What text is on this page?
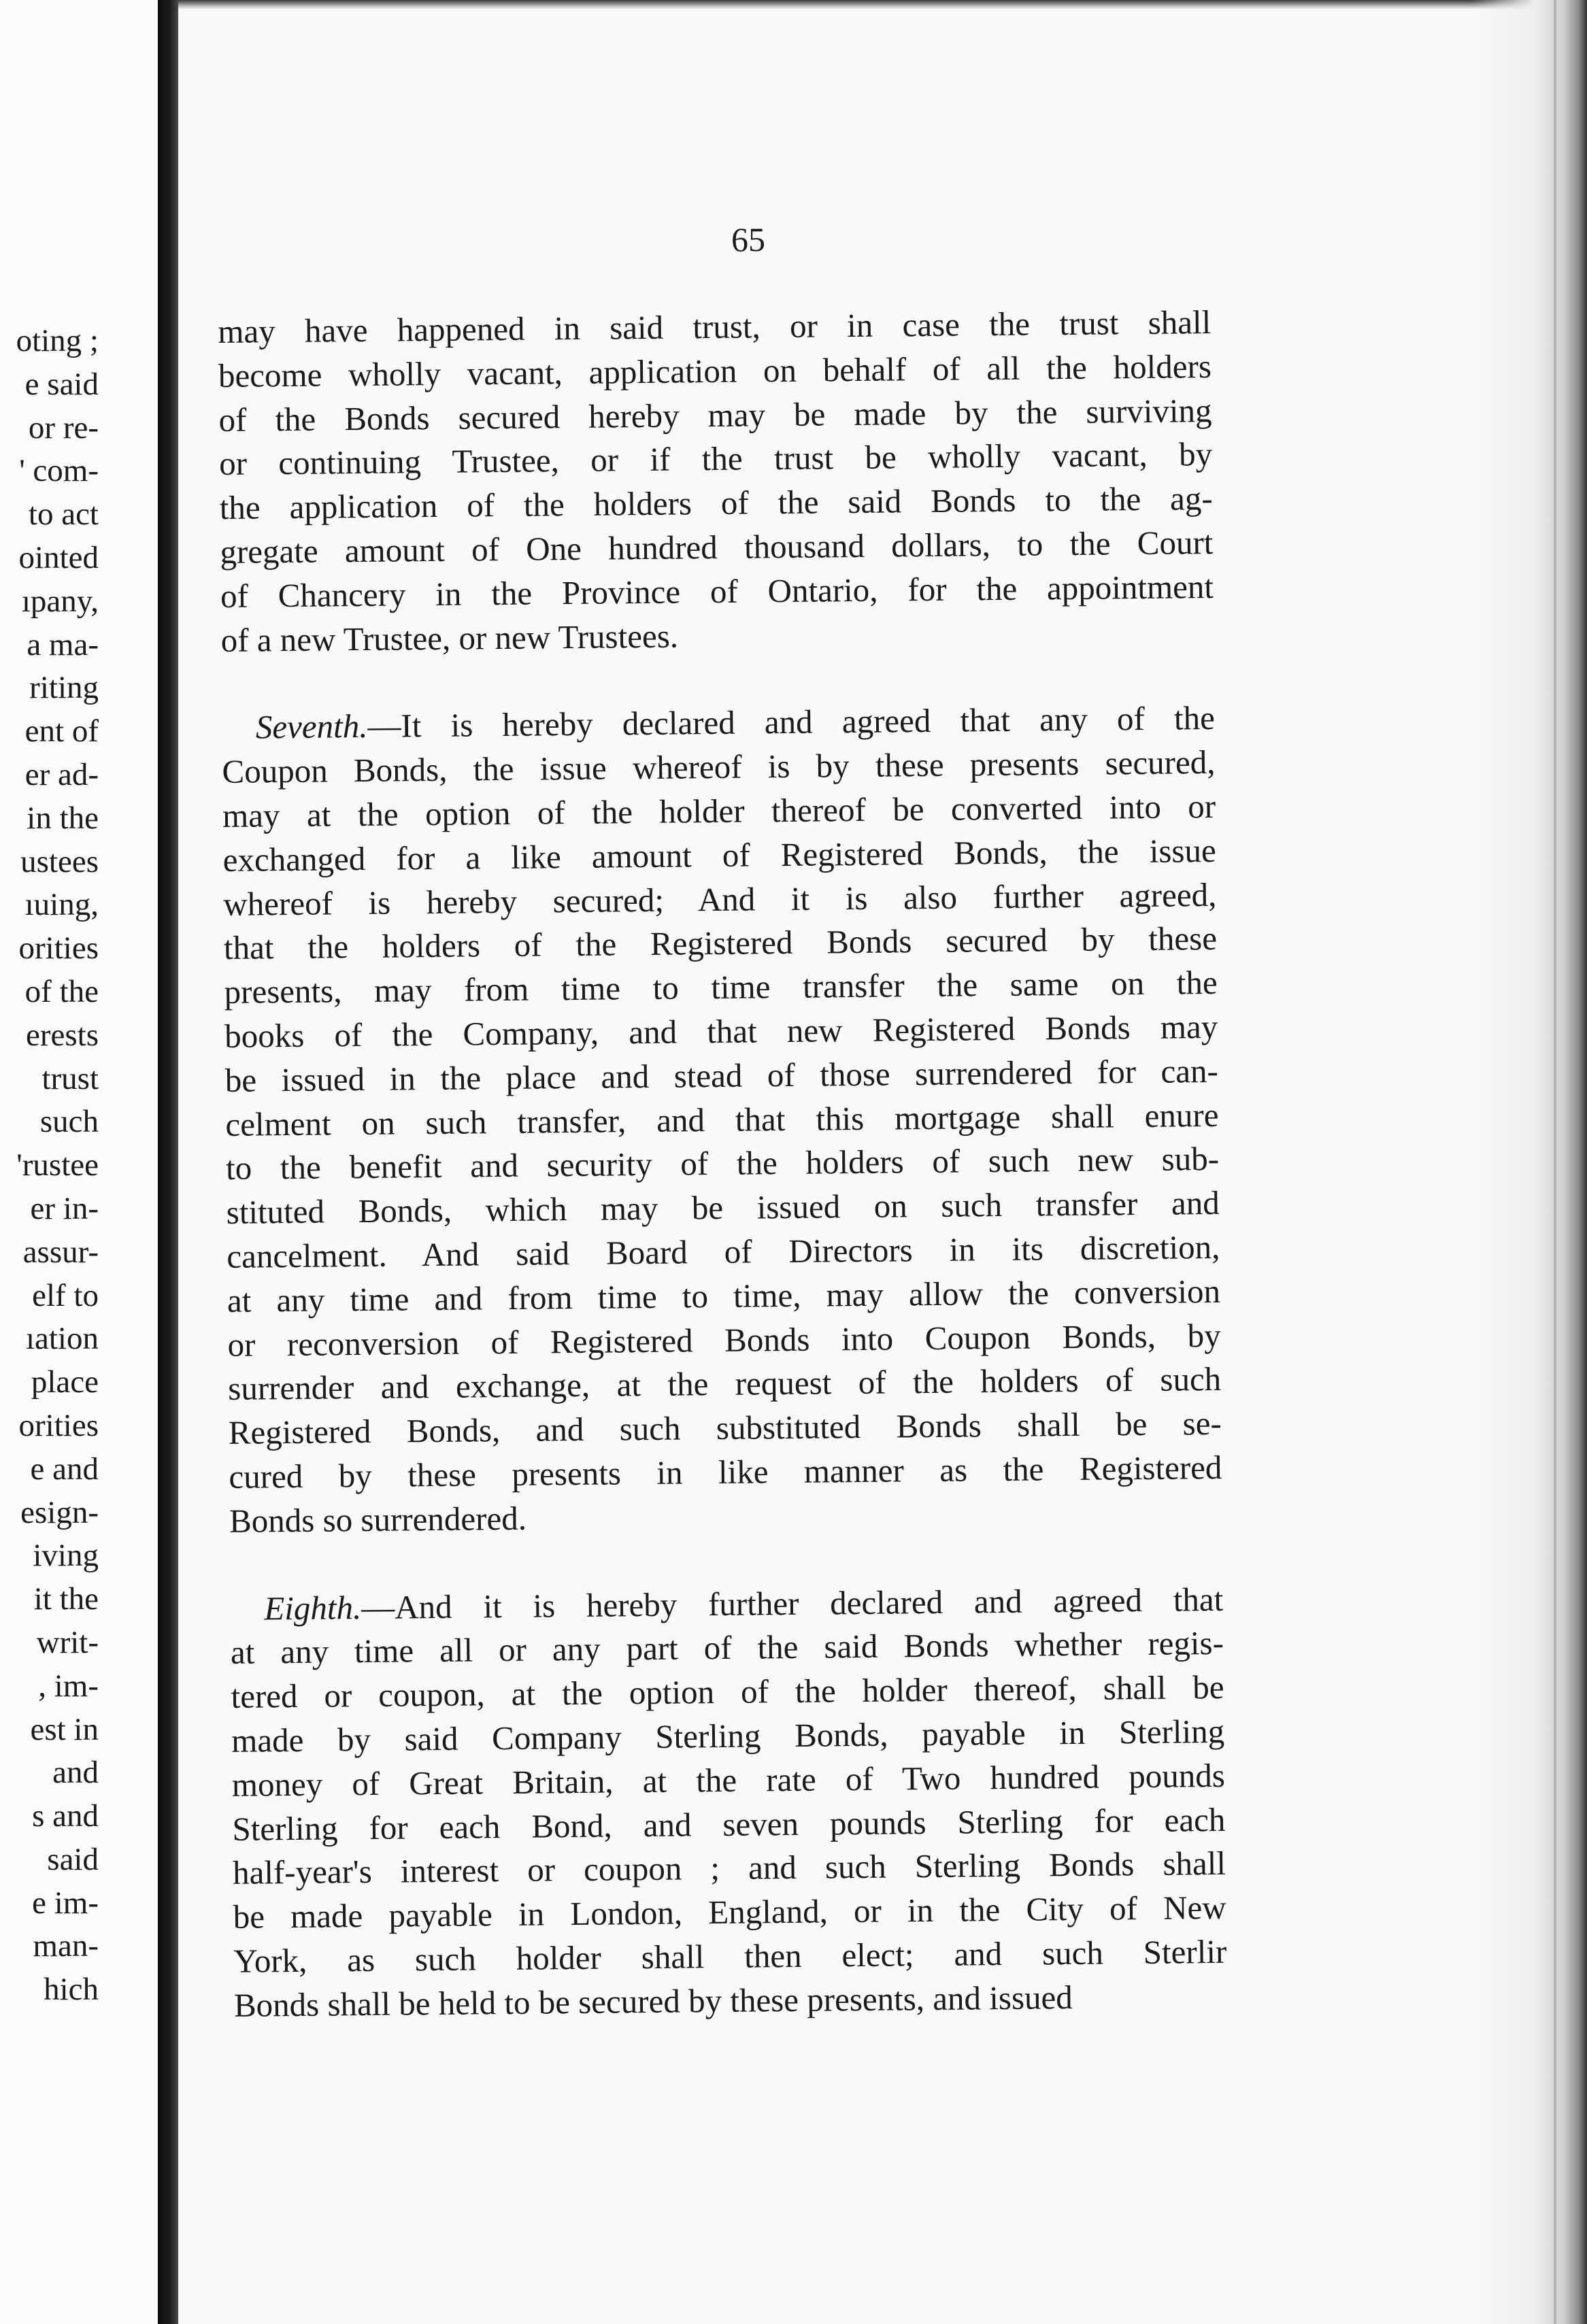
oting ;
e said
or re-
' com-
to act
ointed
ıpany,
a ma-
riting
ent of
er ad-
in the
ustees
ıuing,
orities
of the
erests
trust
such
'rustee
er in-
assur-
elf to
ıation
place
orities
e and
esign-
iving
it the
writ-
, im-
est in
and
s and
said
e im-
man-
hich
65
may have happened in said trust, or in case the trust shall
become wholly vacant, application on behalf of all the holders
of the Bonds secured hereby may be made by the surviving
or continuing Trustee, or if the trust be wholly vacant, by
the application of the holders of the said Bonds to the ag-
gregate amount of One hundred thousand dollars, to the Court
of Chancery in the Province of Ontario, for the appointment
of a new Trustee, or new Trustees.
Seventh.—It is hereby declared and agreed that any of the
Coupon Bonds, the issue whereof is by these presents secured,
may at the option of the holder thereof be converted into or
exchanged for a like amount of Registered Bonds, the issue
whereof is hereby secured; And it is also further agreed,
that the holders of the Registered Bonds secured by these
presents, may from time to time transfer the same on the
books of the Company, and that new Registered Bonds may
be issued in the place and stead of those surrendered for can-
celment on such transfer, and that this mortgage shall enure
to the benefit and security of the holders of such new sub-
stituted Bonds, which may be issued on such transfer and
cancelment. And said Board of Directors in its discretion,
at any time and from time to time, may allow the conversion
or reconversion of Registered Bonds into Coupon Bonds, by
surrender and exchange, at the request of the holders of such
Registered Bonds, and such substituted Bonds shall be se-
cured by these presents in like manner as the Registered
Bonds so surrendered.
Eighth.—And it is hereby further declared and agreed that
at any time all or any part of the said Bonds whether regis-
tered or coupon, at the option of the holder thereof, shall be
made by said Company Sterling Bonds, payable in Sterling
money of Great Britain, at the rate of Two hundred pounds
Sterling for each Bond, and seven pounds Sterling for each
half-year's interest or coupon ; and such Sterling Bonds shall
be made payable in London, England, or in the City of New
York, as such holder shall then elect; and such Sterlir
Bonds shall be held to be secured by these presents, and issued
